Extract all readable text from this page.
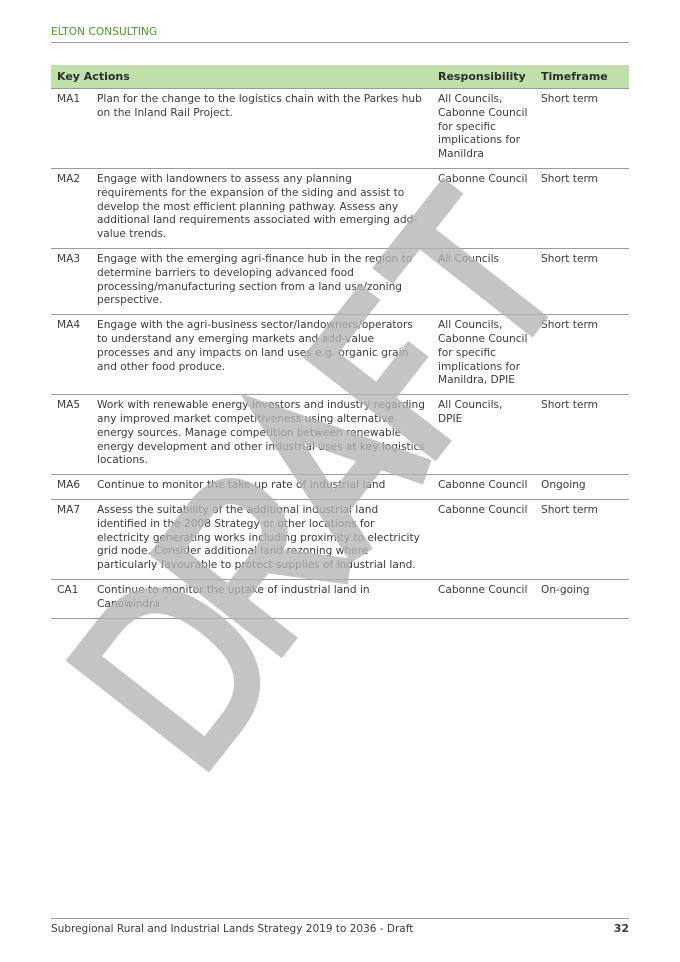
ELTON CONSULTING
Key Actions		Responsibility	Timeframe
MA1	Plan for the change to the logistics chain with the Parkes hub on the Inland Rail Project.	All Councils, Cabonne Council for specific implications for Manildra	Short term
MA2	Engage with landowners to assess any planning requirements for the expansion of the siding and assist to develop the most efficient planning pathway. Assess any additional land requirements associated with emerging add-value trends.	Cabonne Council	Short term
MA3	Engage with the emerging agri-finance hub in the region to determine barriers to developing advanced food processing/manufacturing section from a land use/zoning perspective.	All Councils	Short term
MA4	Engage with the agri-business sector/landowners/operators to understand any emerging markets and add-value processes and any impacts on land uses e.g. organic grain and other food produce.	All Councils, Cabonne Council for specific implications for Manildra, DPIE	Short term
MA5	Work with renewable energy investors and industry regarding any improved market competitiveness using alternative energy sources. Manage competition between renewable energy development and other industrial uses at key logistics locations.	All Councils, DPIE	Short term
MA6	Continue to monitor the take-up rate of industrial land	Cabonne Council	Ongoing
MA7	Assess the suitability of the additional industrial land identified in the 2008 Strategy or other locations for electricity generating works including proximity to electricity grid node. Consider additional land rezoning where particularly favourable to protect supplies of industrial land.	Cabonne Council	Short term
CA1	Continue to monitor the uptake of industrial land in Canowindra	Cabonne Council	On-going
Subregional Rural and Industrial Lands Strategy 2019 to 2036 - Draft	32
